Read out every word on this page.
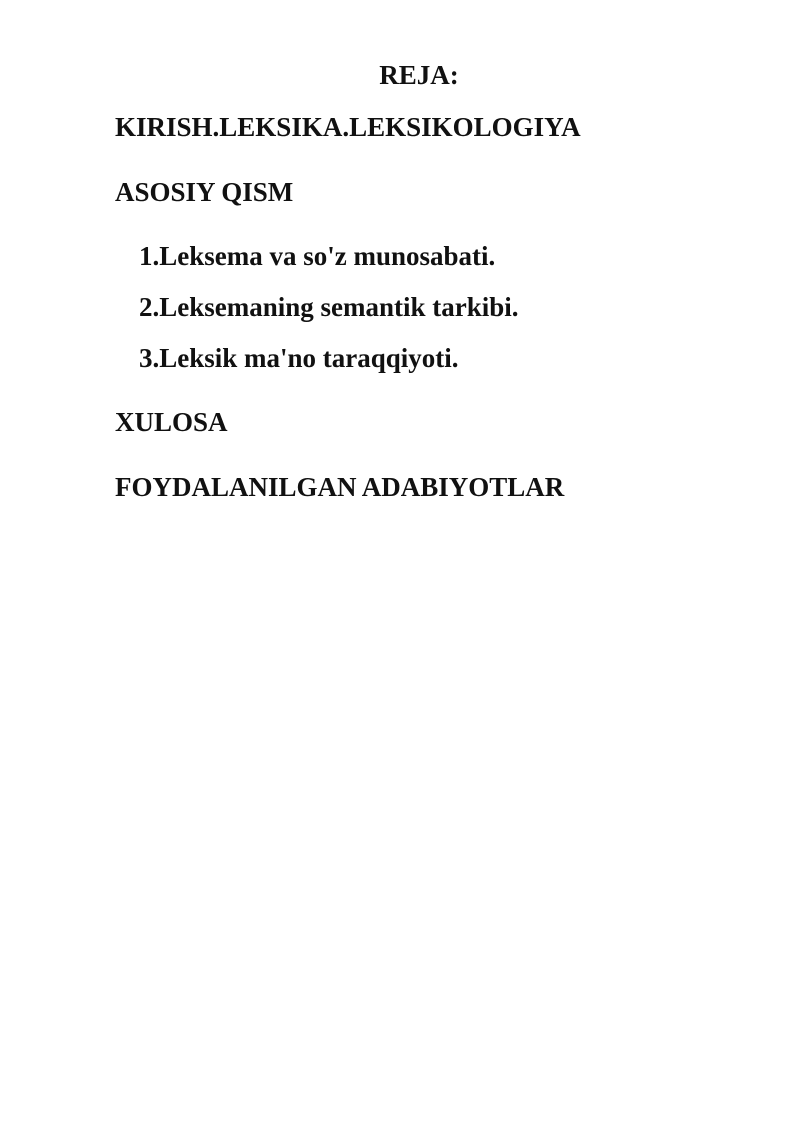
REJA:
KIRISH.LEKSIKA.LEKSIKOLOGIYA
ASOSIY QISM
1.Leksema va so'z munosabati.
2.Leksemaning semantik tarkibi.
3.Leksik ma'no taraqqiyoti.
XULOSA
FOYDALANILGAN ADABIYOTLAR
